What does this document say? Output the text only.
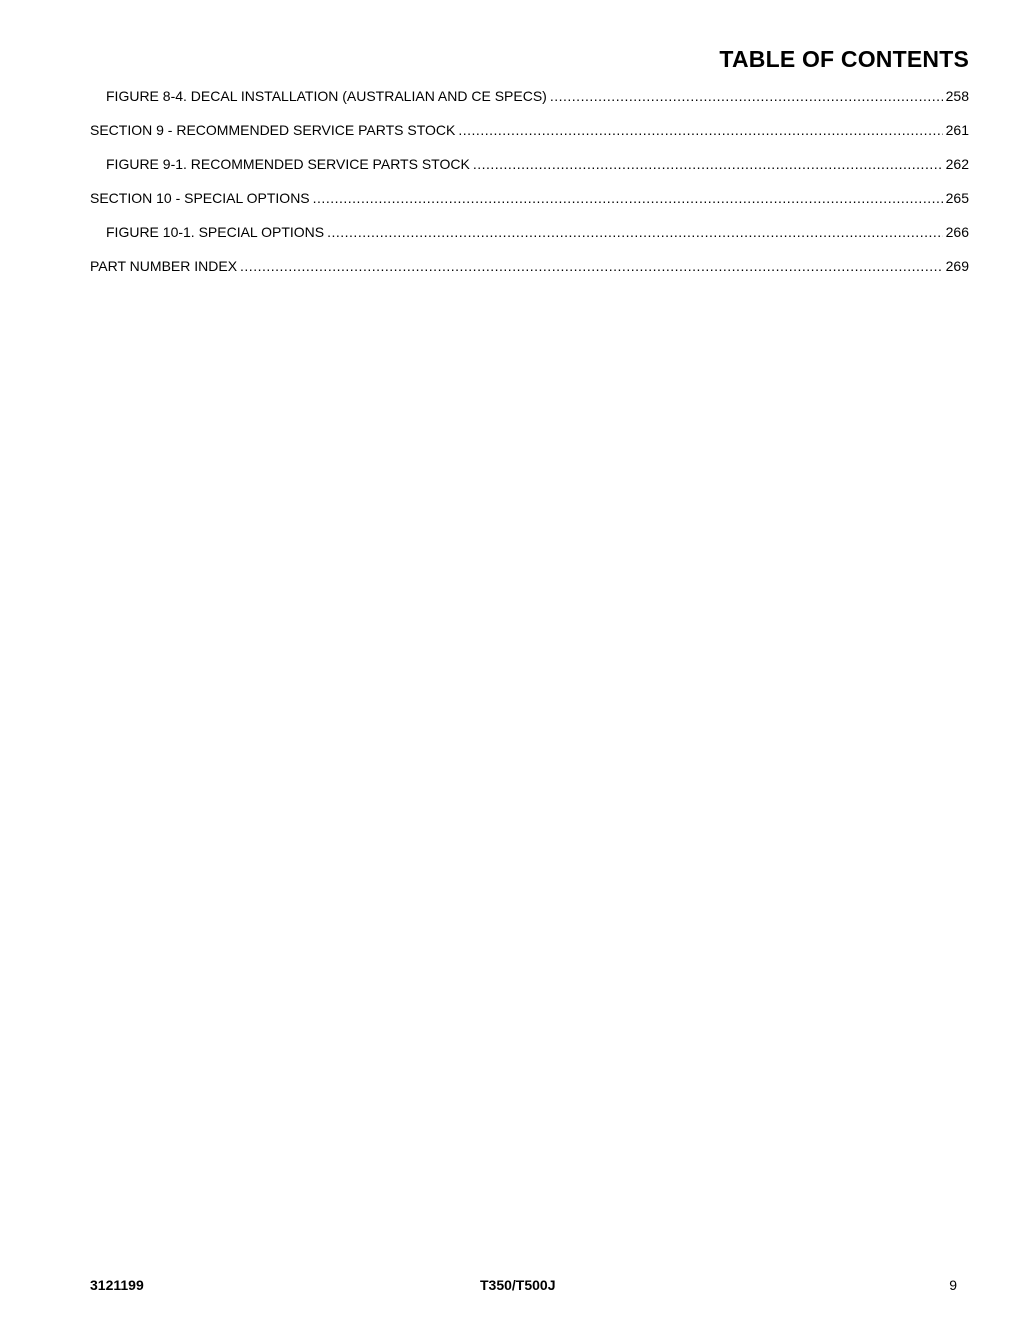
TABLE OF CONTENTS
FIGURE 8-4. DECAL INSTALLATION (AUSTRALIAN AND CE SPECS) .....	258
SECTION 9 - RECOMMENDED SERVICE PARTS STOCK .....	261
FIGURE 9-1. RECOMMENDED SERVICE PARTS STOCK .....	262
SECTION 10 - SPECIAL OPTIONS .....	265
FIGURE 10-1. SPECIAL OPTIONS .....	266
PART NUMBER INDEX .....	269
3121199	T350/T500J	9
